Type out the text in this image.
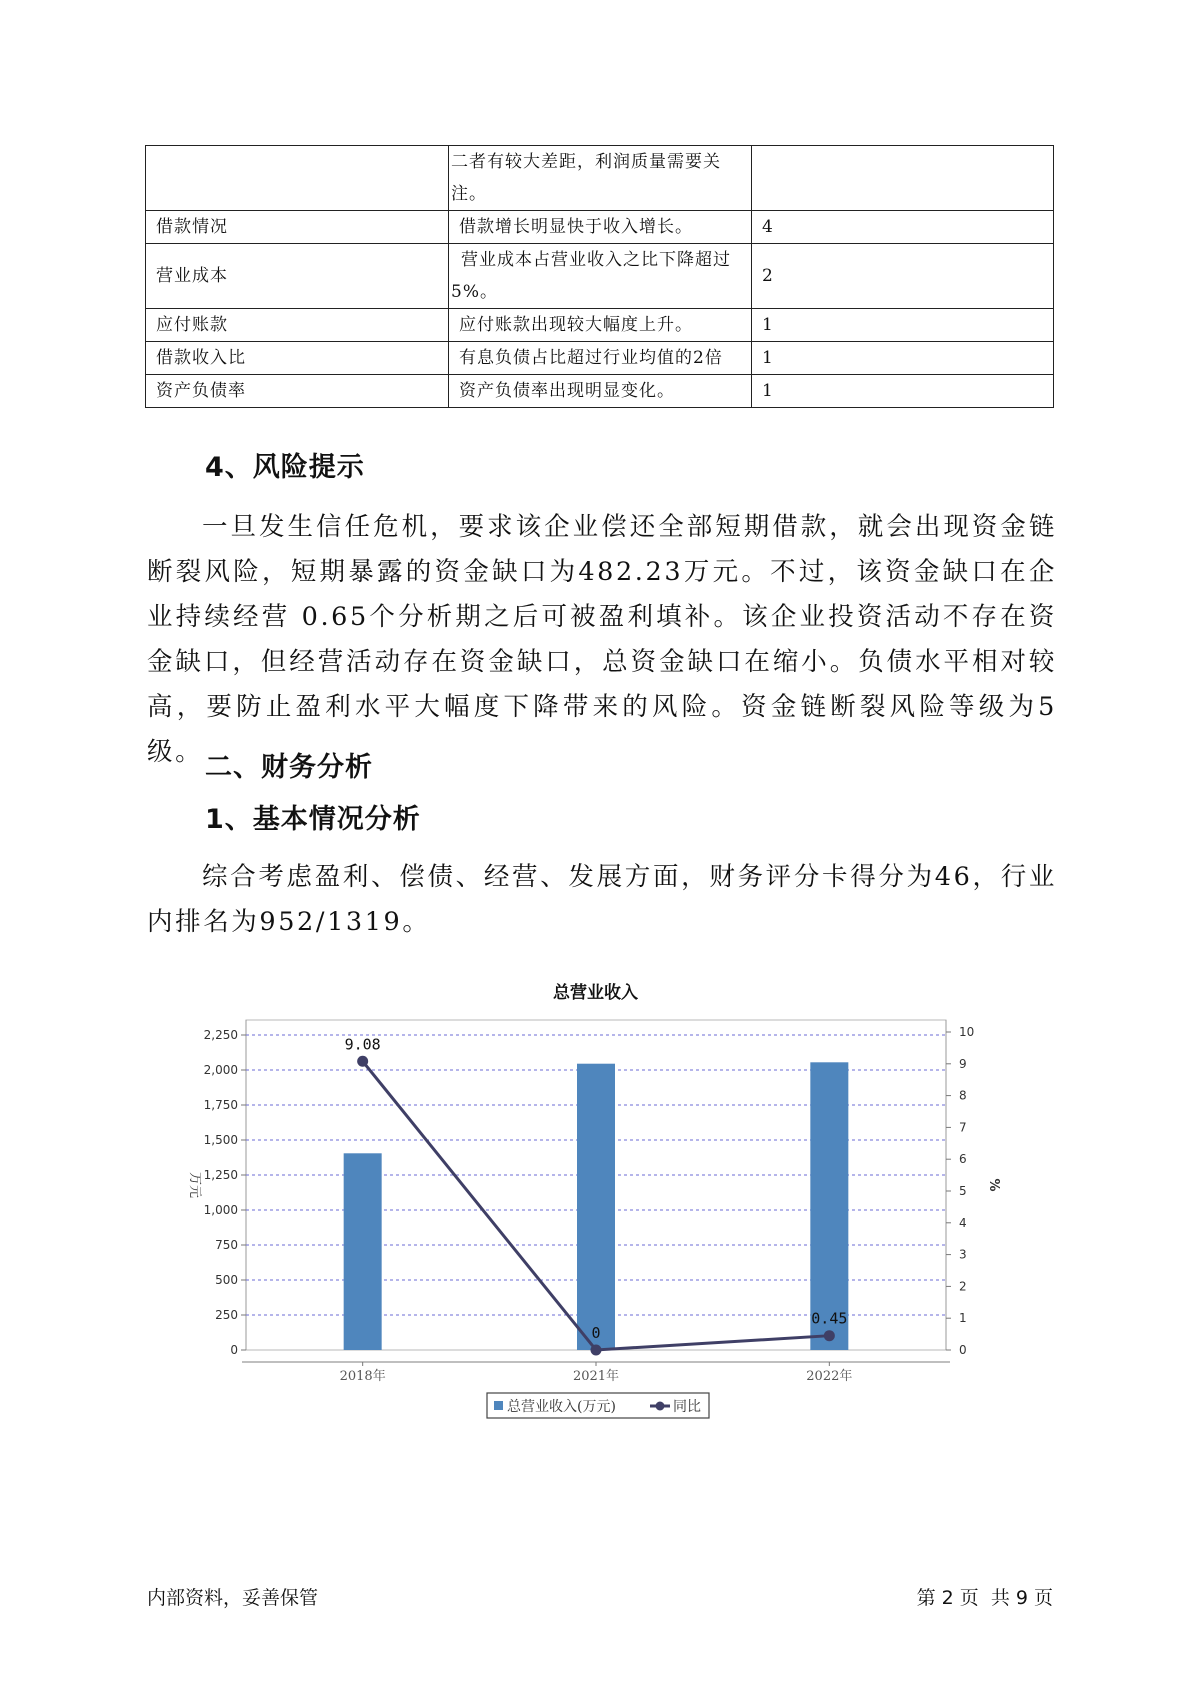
	二者有较大差距，利润质量需要关注。	
借款情况	借款增长明显快于收入增长。	4
营业成本	营业成本占营业收入之比下降超过5%。	2
应付账款	应付账款出现较大幅度上升。	1
借款收入比	有息负债占比超过行业均值的2倍	1
资产负债率	资产负债率出现明显变化。	1
4、风险提示

一旦发生信任危机，要求该企业偿还全部短期借款，就会出现资金链断裂风险，短期暴露的资金缺口为482.23万元。不过，该资金缺口在企业持续经营 0.65个分析期之后可被盈利填补。该企业投资活动不存在资金缺口，但经营活动存在资金缺口，总资金缺口在缩小。负债水平相对较高，要防止盈利水平大幅度下降带来的风险。资金链断裂风险等级为5级。 二、财务分析
1、基本情况分析

综合考虑盈利、偿债、经营、发展方面，财务评分卡得分为46，行业内排名为952/1319。

总营业收入
0
250
500
750
1,000
1,250
1,500
1,750
2,000
2,250
0
1
2
3
4
5
6
7
8
9
10
万元	%
2018年	2021年	2022年
9.08
0
0.45
总营业收入(万元)	同比
内部资料，妥善保管	第 2 页  共 9 页
